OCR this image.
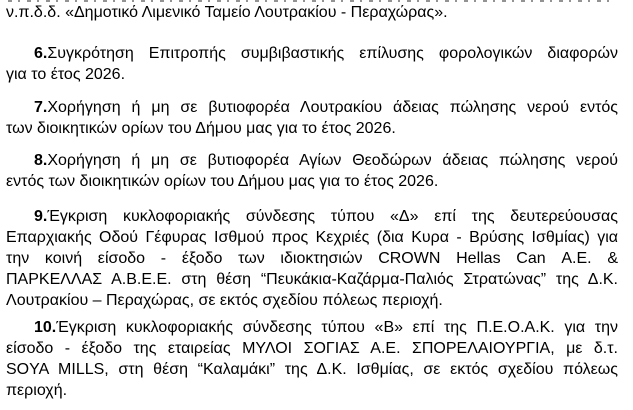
ν.π.δ.δ. «Δημοτικό Λιμενικό Ταμείο Λουτρακίου - Περαχώρας».

6.Συγκρότηση Επιτροπής συμβιβαστικής επίλυσης φορολογικών διαφορών
για το έτος 2026.

7.Χορήγηση ή μη σε βυτιοφορέα Λουτρακίου άδειας πώλησης νερού εντός
των διοικητικών ορίων του Δήμου μας για το έτος 2026.

8.Χορήγηση ή μη σε βυτιοφορέα Αγίων Θεοδώρων άδειας πώλησης νερού
εντός των διοικητικών ορίων του Δήμου μας για το έτος 2026.

9.Έγκριση κυκλοφοριακής σύνδεσης τύπου «Δ» επί της δευτερεύουσας
Επαρχιακής Οδού Γέφυρας Ισθμού προς Κεχριές (δια Κυρα - Βρύσης Ισθμίας) για
την κοινή είσοδο - έξοδο των ιδιοκτησιών CROWN Hellas Can Α.Ε. &
ΠΑΡΚΕΛΛΑΣ Α.Β.Ε.Ε. στη θέση “Πευκάκια-Καζάρμα-Παλιός Στρατώνας” της Δ.Κ.
Λουτρακίου – Περαχώρας, σε εκτός σχεδίου πόλεως περιοχή.

10.Έγκριση κυκλοφοριακής σύνδεσης τύπου «Β» επί της Π.Ε.Ο.Α.Κ. για την
είσοδο - έξοδο της εταιρείας ΜΥΛΟΙ ΣΟΓΙΑΣ Α.Ε. ΣΠΟΡΕΛΑΙΟΥΡΓΙΑ, με δ.τ.
SOYA MILLS, στη θέση “Καλαμάκι” της Δ.Κ. Ισθμίας, σε εκτός σχεδίου πόλεως
περιοχή.
